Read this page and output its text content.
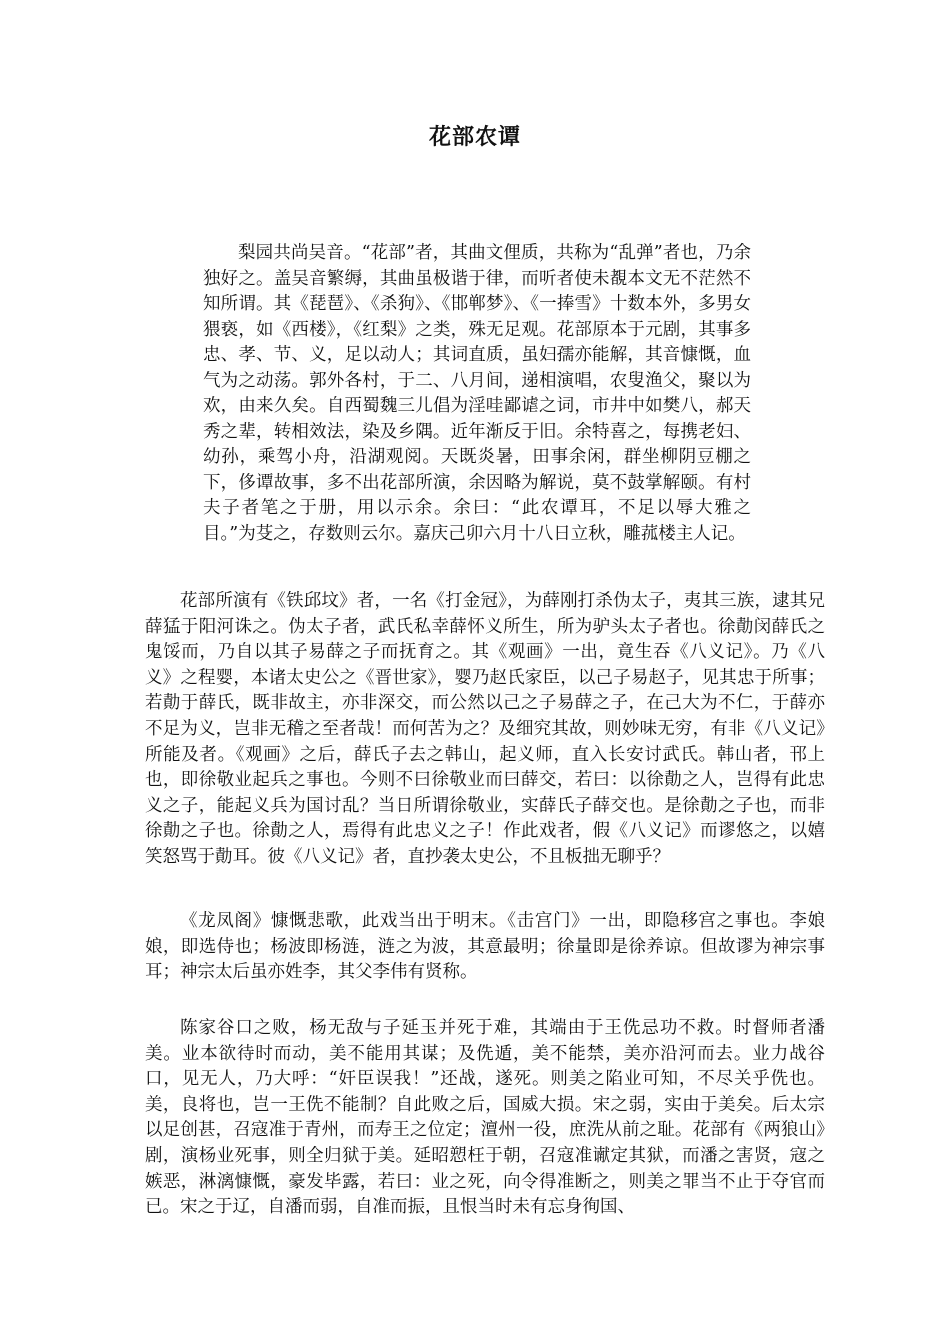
花部农谭

梨园共尚吴音。“花部”者，其曲文俚质，共称为“乱弹”者也，乃余独好之。盖吴音繁缛，其曲虽极谐于律，而听者使未覩本文无不茫然不知所谓。其《琵琶》、《杀狗》、《邯郸梦》、《一捧雪》十数本外，多男女猥亵，如《西楼》，《红梨》之类，殊无足观。花部原本于元剧，其事多忠、孝、节、义，足以动人；其词直质，虽妇孺亦能解，其音慷慨，血气为之动荡。郭外各村，于二、八月间，递相演唱，农叟渔父，聚以为欢，由来久矣。自西蜀魏三儿倡为淫哇鄙谑之词，市井中如樊八，郝天秀之辈，转相效法，染及乡隅。近年渐反于旧。余特喜之，每携老妇、幼孙，乘驾小舟，沿湖观阅。天既炎暑，田事余闲，群坐柳阴豆棚之下，侈谭故事，多不出花部所演，余因略为解说，莫不鼓掌解颐。有村夫子者笔之于册，用以示余。余曰：“此农谭耳，不足以辱大雅之目。”为芟之，存数则云尔。嘉庆己卯六月十八日立秋，雕菰楼主人记。

花部所演有《铁邱坟》者，一名《打金冠》，为薛刚打杀伪太子，夷其三族，逮其兄薛猛于阳河诛之。伪太子者，武氏私幸薛怀义所生，所为驴头太子者也。徐勣闵薛氏之鬼馁而，乃自以其子易薛之子而抚育之。其《观画》一出，竟生吞《八义记》。乃《八义》之程婴，本诸太史公之《晋世家》，婴乃赵氏家臣，以己子易赵子，见其忠于所事；若勣于薛氏，既非故主，亦非深交，而公然以己之子易薛之子，在己大为不仁，于薛亦不足为义，岂非无稽之至者哉！而何苦为之？及细究其故，则妙味无穷，有非《八义记》所能及者。《观画》之后，薛氏子去之韩山，起义师，直入长安讨武氏。韩山者，邗上也，即徐敬业起兵之事也。今则不曰徐敬业而曰薛交，若曰：以徐勣之人，岂得有此忠义之子，能起义兵为国讨乱？当日所谓徐敬业，实薛氏子薛交也。是徐勣之子也，而非徐勣之子也。徐勣之人，焉得有此忠义之子！作此戏者，假《八义记》而谬悠之，以嬉笑怒骂于勣耳。彼《八义记》者，直抄袭太史公，不且板拙无聊乎？

《龙凤阁》慷慨悲歌，此戏当出于明末。《击宫门》一出，即隐移宫之事也。李娘娘，即选侍也；杨波即杨涟，涟之为波，其意最明；徐量即是徐养谅。但故谬为神宗事耳；神宗太后虽亦姓李，其父李伟有贤称。

陈家谷口之败，杨无敌与子延玉并死于难，其端由于王侁忌功不救。时督师者潘美。业本欲待时而动，美不能用其谋；及侁遁，美不能禁，美亦沿河而去。业力战谷口，见无人，乃大呼：“奸臣误我！”还战，遂死。则美之陷业可知，不尽关乎侁也。美，良将也，岂一王侁不能制？自此败之后，国威大损。宋之弱，实由于美矣。后太宗以足创甚，召寇准于青州，而寿王之位定；澶州一役，庶洗从前之耻。花部有《两狼山》剧，演杨业死事，则全归狱于美。延昭愬枉于朝，召寇准谳定其狱，而潘之害贤，寇之嫉恶，淋漓慷慨，豪发毕露，若曰：业之死，向令得准断之，则美之罪当不止于夺官而已。宋之于辽，自潘而弱，自准而振，且恨当时未有忘身徇国、
